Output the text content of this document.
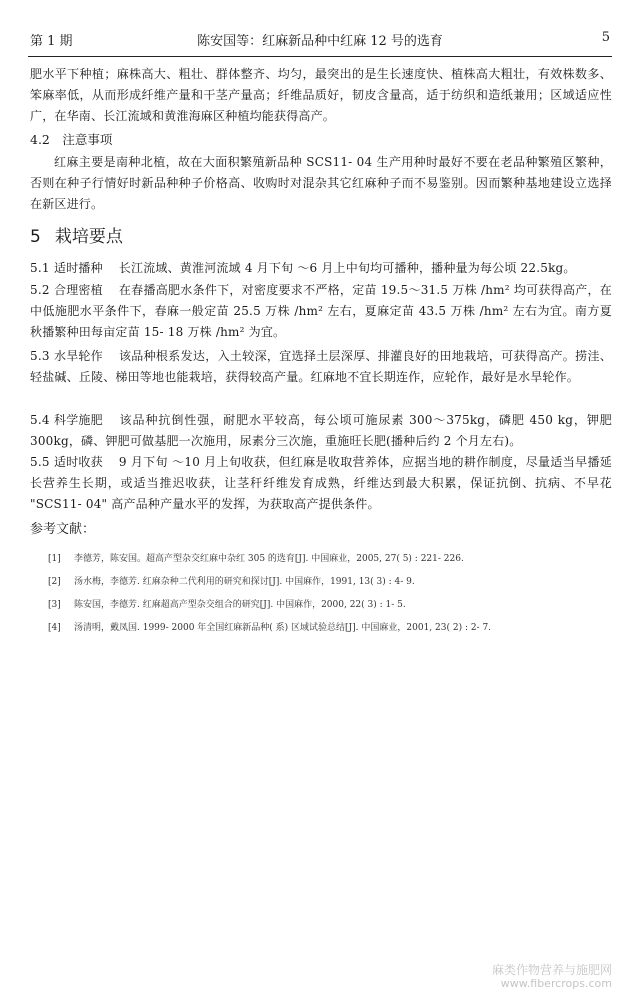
第 1 期	陈安国等：红麻新品种中红麻 12 号的选育	5
肥水平下种植；麻株高大、粗壮、群体整齐、均匀，最突出的是生长速度快、植株高大粗壮，有效株数多、笨麻率低，从而形成纤维产量和干茎产量高；纤维品质好，韧皮含量高，适于纺织和造纸兼用；区域适应性广，在华南、长江流域和黄淮海麻区种植均能获得高产。
4.2　注意事项
红麻主要是南种北植，故在大面积繁殖新品种 SCS11- 04 生产用种时最好不要在老品种繁殖区繁种，否则在种子行情好时新品种种子价格高、收购时对混杂其它红麻种子而不易鉴别。因而繁种基地建设立选择在新区进行。
5 栽培要点
5.1 适时播种 长江流域、黄淮河流域 4 月下旬 ～6 月上中旬均可播种，播种量为每公顷 22.5kg。
5.2 合理密植 在春播高肥水条件下，对密度要求不严格，定苗 19.5～31.5 万株 /hm² 均可获得高产，在中低施肥水平条件下，春麻一般定苗 25.5 万株 /hm² 左右，夏麻定苗 43.5 万株 /hm² 左右为宜。南方夏秋播繁种田每亩定苗 15- 18 万株 /hm² 为宜。
5.3 水旱轮作 该品种根系发达，入土较深，宜选择土层深厚、排灌良好的田地栽培，可获得高产。捞洼、轻盐碱、丘陵、梯田等地也能栽培，获得较高产量。红麻地不宜长期连作，应轮作，最好是水旱轮作。
5.4 科学施肥 该品种抗倒性强，耐肥水平较高，每公顷可施尿素 300～375kg，磷肥 450 kg，钾肥 300kg，磷、钾肥可做基肥一次施用，尿素分三次施，重施旺长肥(播种后约 2 个月左右)。
5.5 适时收获 9 月下旬 ～10 月上旬收获，但红麻是收取营养体，应据当地的耕作制度，尽量适当早播延长营养生长期，或适当推迟收获，让茎秆纤维发育成熟，纤维达到最大积累，保证抗倒、抗病、不早花 "SCS11- 04" 高产品种产量水平的发挥，为获取高产提供条件。
参考文献：
[1] 李德芳，陈安国。超高产型杂交红麻中杂红 305 的选育[J]. 中国麻业，2005, 27( 5) : 221- 226.
[2] 汤水梅，李德芳. 红麻杂种二代利用的研究和探讨[J]. 中国麻作，1991, 13( 3) : 4- 9.
[3] 陈安国，李德芳. 红麻超高产型杂交组合的研究[J]. 中国麻作，2000, 22( 3) : 1- 5.
[4] 汤清明，戴凤国. 1999- 2000 年全国红麻新品种( 系) 区域试验总结[J]. 中国麻业，2001, 23( 2) : 2- 7.
麻类作物营养与施肥网
www.fibercrops.com
